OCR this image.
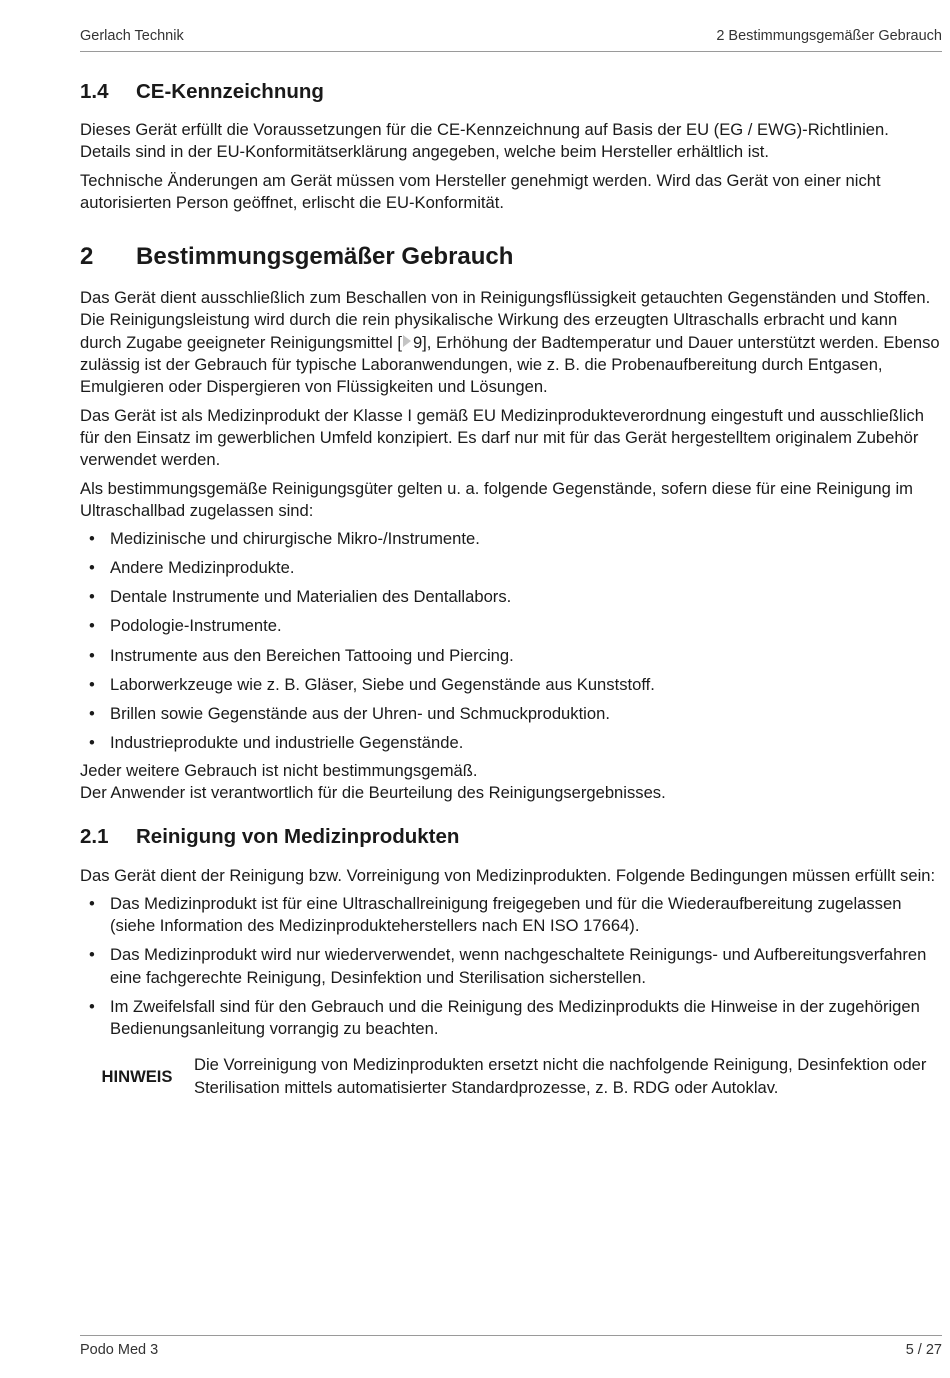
Gerlach Technik	2 Bestimmungsgemäßer Gebrauch
1.4	CE-Kennzeichnung

Dieses Gerät erfüllt die Voraussetzungen für die CE-Kennzeichnung auf Basis der EU (EG / EWG)-Richtlinien. Details sind in der EU-Konformitätserklärung angegeben, welche beim Hersteller erhältlich ist.

Technische Änderungen am Gerät müssen vom Hersteller genehmigt werden. Wird das Gerät von einer nicht autorisierten Person geöffnet, erlischt die EU-Konformität.

2	Bestimmungsgemäßer Gebrauch

Das Gerät dient ausschließlich zum Beschallen von in Reinigungsflüssigkeit getauchten Gegenständen und Stoffen. Die Reinigungsleistung wird durch die rein physikalische Wirkung des erzeugten Ultraschalls erbracht und kann durch Zugabe geeigneter Reinigungsmittel [ 9], Erhöhung der Badtemperatur und Dauer unterstützt werden. Ebenso zulässig ist der Gebrauch für typische Laboranwendungen, wie z. B. die Probenaufbereitung durch Entgasen, Emulgieren oder Dispergieren von Flüssigkeiten und Lösungen.

Das Gerät ist als Medizinprodukt der Klasse I gemäß EU Medizinprodukteverordnung eingestuft und ausschließlich für den Einsatz im gewerblichen Umfeld konzipiert. Es darf nur mit für das Gerät hergestelltem originalem Zubehör verwendet werden.

Als bestimmungsgemäße Reinigungsgüter gelten u. a. folgende Gegenstände, sofern diese für eine Reinigung im Ultraschallbad zugelassen sind:

• Medizinische und chirurgische Mikro-/Instrumente.
• Andere Medizinprodukte.
• Dentale Instrumente und Materialien des Dentallabors.
• Podologie-Instrumente.
• Instrumente aus den Bereichen Tattooing und Piercing.
• Laborwerkzeuge wie z. B. Gläser, Siebe und Gegenstände aus Kunststoff.
• Brillen sowie Gegenstände aus der Uhren- und Schmuckproduktion.
• Industrieprodukte und industrielle Gegenstände.

Jeder weitere Gebrauch ist nicht bestimmungsgemäß.

Der Anwender ist verantwortlich für die Beurteilung des Reinigungsergebnisses.

2.1	Reinigung von Medizinprodukten

Das Gerät dient der Reinigung bzw. Vorreinigung von Medizinprodukten. Folgende Bedingungen müssen erfüllt sein:

• Das Medizinprodukt ist für eine Ultraschallreinigung freigegeben und für die Wiederaufbereitung zugelassen (siehe Information des Medizinprodukteherstellers nach EN ISO 17664).
• Das Medizinprodukt wird nur wiederverwendet, wenn nachgeschaltete Reinigungs- und Aufbereitungsverfahren eine fachgerechte Reinigung, Desinfektion und Sterilisation sicherstellen.
• Im Zweifelsfall sind für den Gebrauch und die Reinigung des Medizinprodukts die Hinweise in der zugehörigen Bedienungsanleitung vorrangig zu beachten.
HINWEIS
Die Vorreinigung von Medizinprodukten ersetzt nicht die nachfolgende Reinigung, Desinfektion oder Sterilisation mittels automatisierter Standardprozesse, z. B. RDG oder Autoklav.
Podo Med 3	5 / 27
